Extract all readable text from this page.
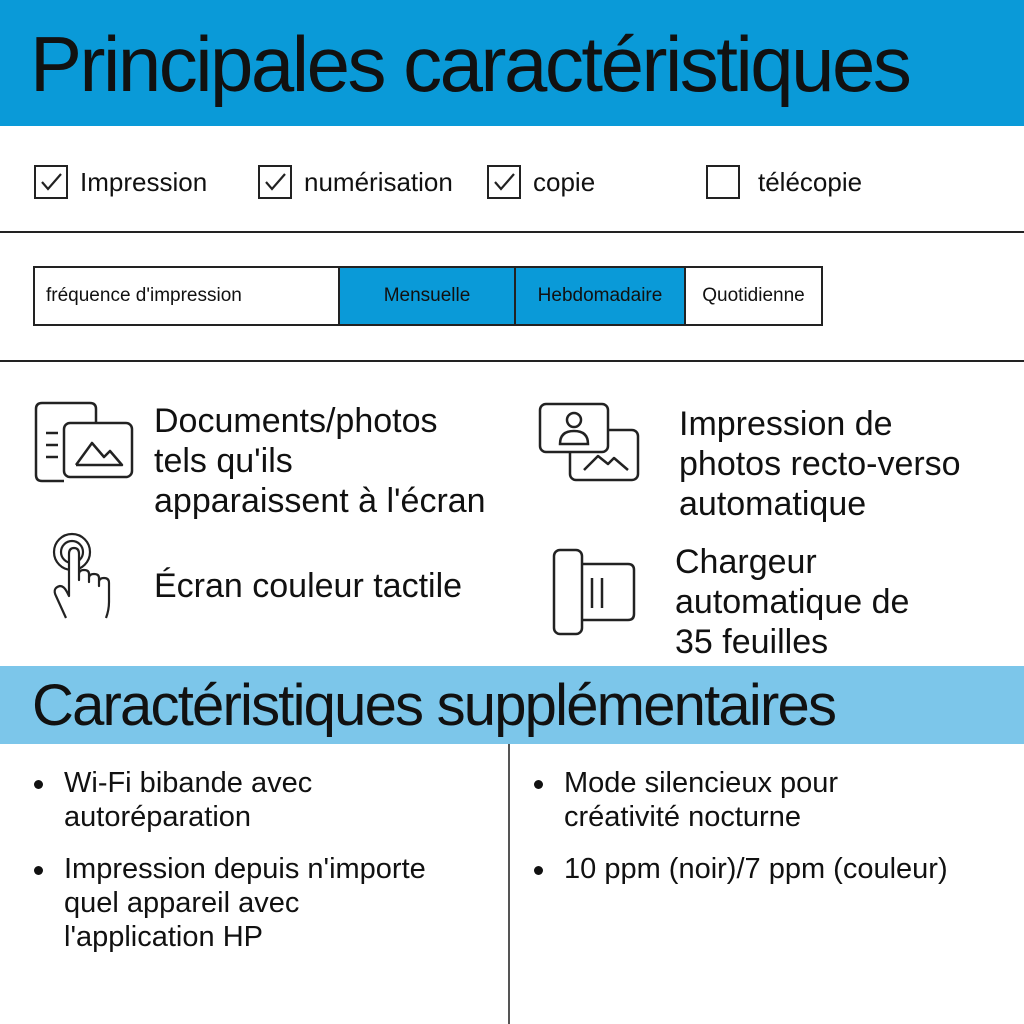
Principales caractéristiques
Impression	numérisation	copie	télécopie
fréquence d'impression	Mensuelle	Hebdomadaire	Quotidienne
Documents/photos
tels qu'ils
apparaissent à l'écran
Impression de
photos recto-verso
automatique
Écran couleur tactile
Chargeur
automatique de
35 feuilles
Caractéristiques supplémentaires
Wi-Fi bibande avec
autoréparation
Impression depuis n'importe
quel appareil avec
l'application HP
Mode silencieux pour
créativité nocturne
10 ppm (noir)/7 ppm (couleur)
